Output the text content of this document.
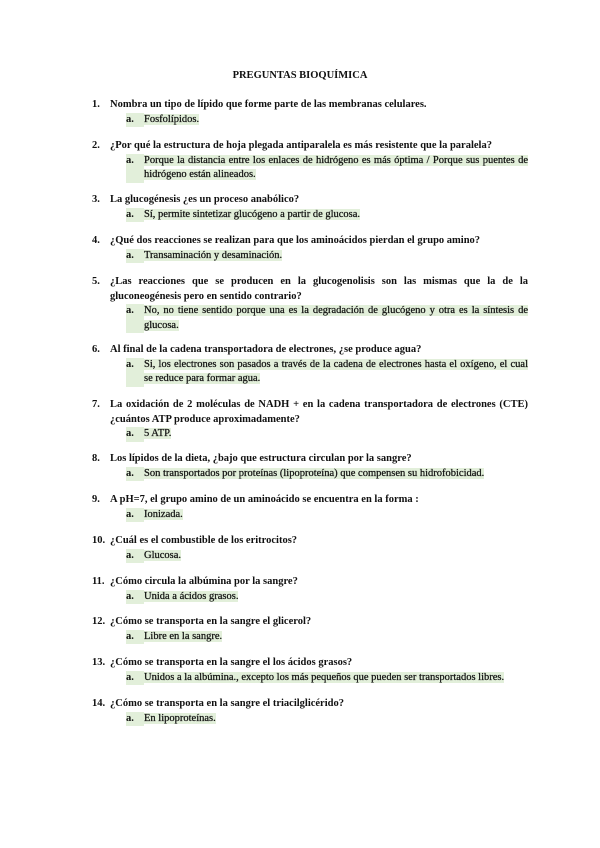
PREGUNTAS BIOQUÍMICA
1. Nombra un tipo de lípido que forme parte de las membranas celulares.
a. Fosfolípidos.
2. ¿Por qué la estructura de hoja plegada antiparalela es más resistente que la paralela?
a. Porque la distancia entre los enlaces de hidrógeno es más óptima / Porque sus puentes de hidrógeno están alineados.
3. La glucogénesis ¿es un proceso anabólico?
a. Sí, permite sintetizar glucógeno a partir de glucosa.
4. ¿Qué dos reacciones se realizan para que los aminoácidos pierdan el grupo amino?
a. Transaminación y desaminación.
5. ¿Las reacciones que se producen en la glucogenolisis son las mismas que la de la gluconeogénesis pero en sentido contrario?
a. No, no tiene sentido porque una es la degradación de glucógeno y otra es la síntesis de glucosa.
6. Al final de la cadena transportadora de electrones, ¿se produce agua?
a. Si, los electrones son pasados a través de la cadena de electrones hasta el oxígeno, el cual se reduce para formar agua.
7. La oxidación de 2 moléculas de NADH + en la cadena transportadora de electrones (CTE) ¿cuántos ATP produce aproximadamente?
a. 5 ATP.
8. Los lípidos de la dieta, ¿bajo que estructura circulan por la sangre?
a. Son transportados por proteínas (lipoproteína) que compensen su hidrofobicidad.
9. A pH=7, el grupo amino de un aminoácido se encuentra en la forma :
a. Ionizada.
10. ¿Cuál es el combustible de los eritrocitos?
a. Glucosa.
11. ¿Cómo circula la albúmina por la sangre?
a. Unida a ácidos grasos.
12. ¿Cómo se transporta en la sangre el glicerol?
a. Libre en la sangre.
13. ¿Cómo se transporta en la sangre el los ácidos grasos?
a. Unidos a la albúmina., excepto los más pequeños que pueden ser transportados libres.
14. ¿Cómo se transporta en la sangre el triacilglicérido?
a. En lipoproteínas.
